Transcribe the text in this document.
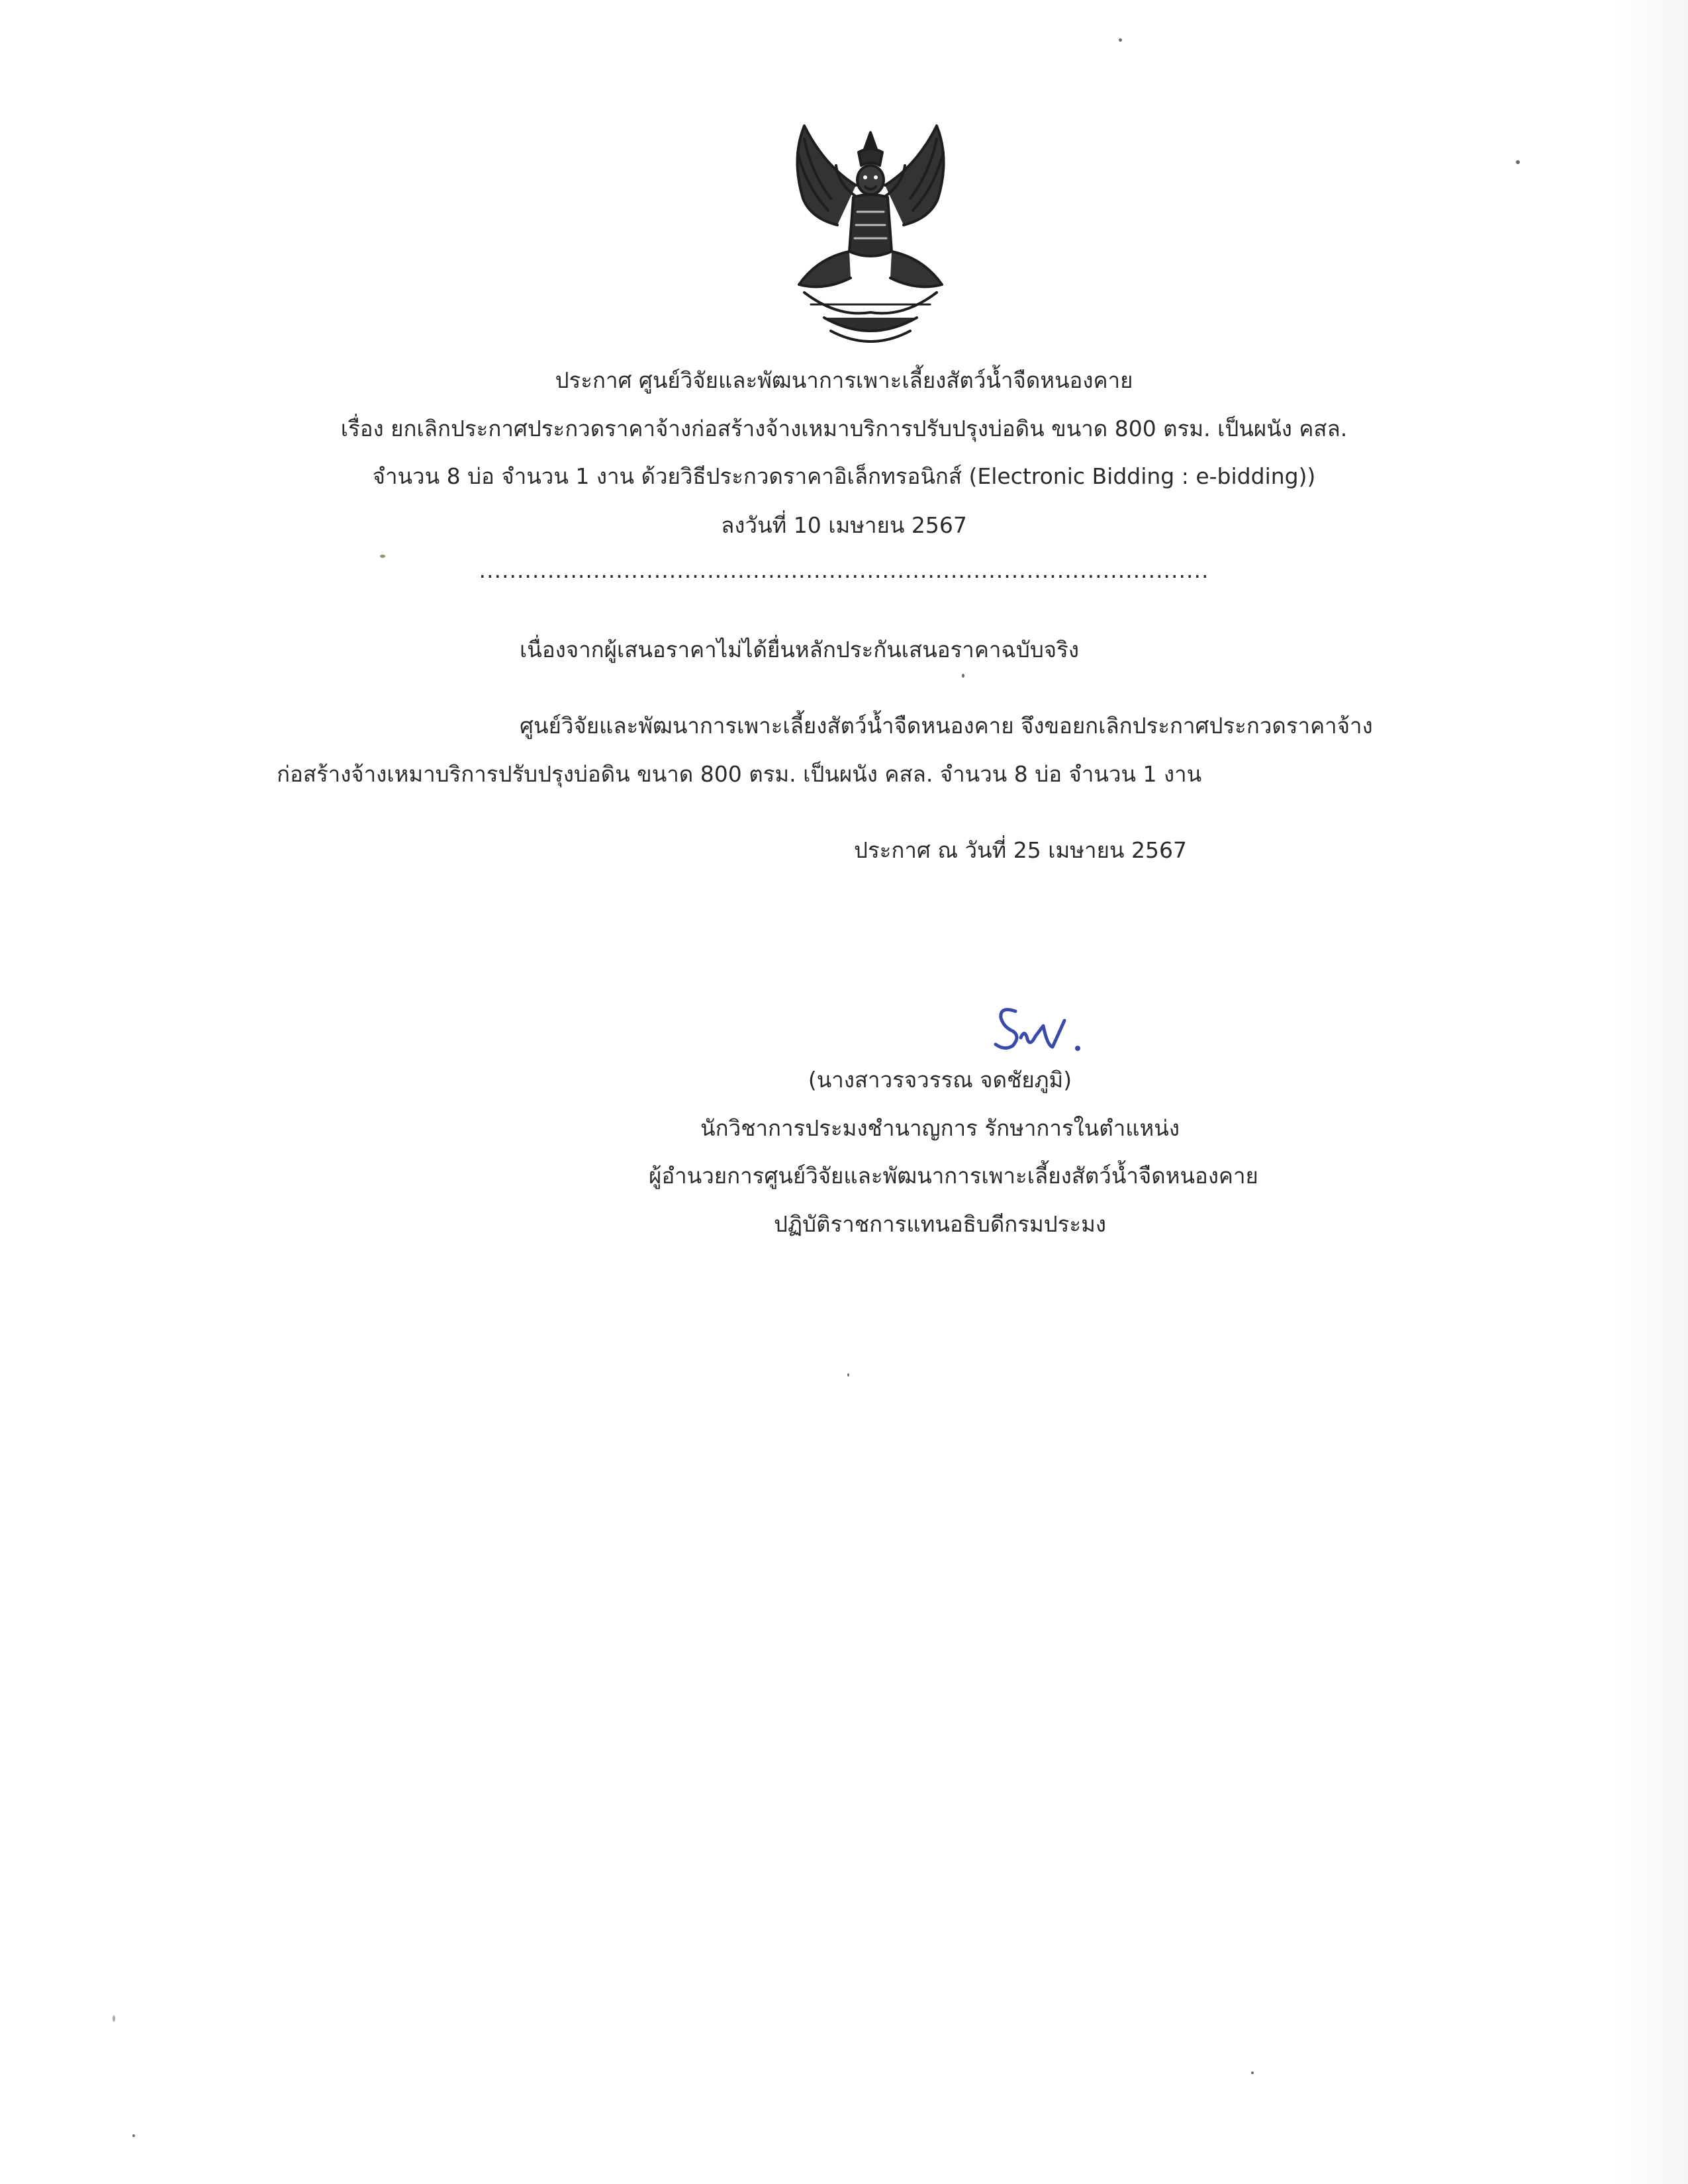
ประกาศ ศูนย์วิจัยและพัฒนาการเพาะเลี้ยงสัตว์น้ำจืดหนองคาย
เรื่อง ยกเลิกประกาศประกวดราคาจ้างก่อสร้างจ้างเหมาบริการปรับปรุงบ่อดิน ขนาด 800 ตรม. เป็นผนัง คสล.
จำนวน 8 บ่อ จำนวน 1 งาน ด้วยวิธีประกวดราคาอิเล็กทรอนิกส์ (Electronic Bidding : e-bidding))
ลงวันที่ 10 เมษายน 2567
................................................................................................
เนื่องจากผู้เสนอราคาไม่ได้ยื่นหลักประกันเสนอราคาฉบับจริง
ศูนย์วิจัยและพัฒนาการเพาะเลี้ยงสัตว์น้ำจืดหนองคาย จึงขอยกเลิกประกาศประกวดราคาจ้าง
ก่อสร้างจ้างเหมาบริการปรับปรุงบ่อดิน ขนาด 800 ตรม. เป็นผนัง คสล. จำนวน 8 บ่อ จำนวน 1 งาน
ประกาศ ณ วันที่ 25 เมษายน 2567
(นางสาวรจวรรณ จดชัยภูมิ)
นักวิชาการประมงชำนาญการ รักษาการในตำแหน่ง
ผู้อำนวยการศูนย์วิจัยและพัฒนาการเพาะเลี้ยงสัตว์น้ำจืดหนองคาย
ปฏิบัติราชการแทนอธิบดีกรมประมง
